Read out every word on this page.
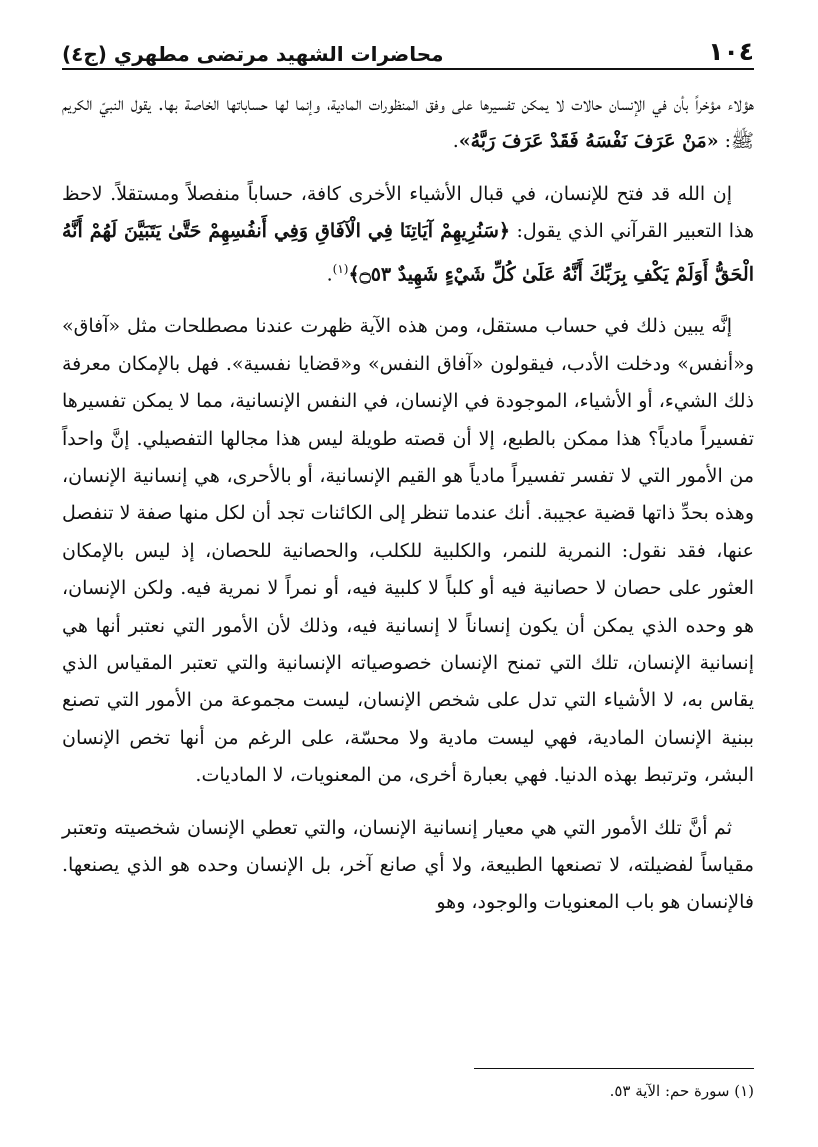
١٠٤
محاضرات الشهيد مرتضى مطهري (ج٤)

هؤلاء مؤخراً بأن في الإنسان حالات لا يمكن تفسيرها على وفق المنظورات المادية، وإنما لها حساباتها الخاصة بها. يقول النبيّ الكريم ﷺ: «مَنْ عَرَفَ نَفْسَهُ فَقَدْ عَرَفَ رَبَّهُ».

إن الله قد فتح للإنسان، في قبال الأشياء الأخرى كافة، حساباً منفصلاً ومستقلاً. لاحظ هذا التعبير القرآني الذي يقول: ﴿سَنُرِيهِمْ آيَاتِنَا فِي الْآفَاقِ وَفِي أَنفُسِهِمْ حَتَّىٰ يَتَبَيَّنَ لَهُمْ أَنَّهُ الْحَقُّ أَوَلَمْ يَكْفِ بِرَبِّكَ أَنَّهُ عَلَىٰ كُلِّ شَيْءٍ شَهِيدٌ ۝٥٣﴾$^{(١)}$.

إنَّه يبين ذلك في حساب مستقل، ومن هذه الآية ظهرت عندنا مصطلحات مثل «آفاق» و«أنفس» ودخلت الأدب، فيقولون «آفاق النفس» و«قضايا نفسية». فهل بالإمكان معرفة ذلك الشيء، أو الأشياء، الموجودة في الإنسان، في النفس الإنسانية، مما لا يمكن تفسيرها تفسيراً مادياً؟ هذا ممكن بالطبع، إلا أن قصته طويلة ليس هذا مجالها التفصيلي. إنَّ واحداً من الأمور التي لا تفسر تفسيراً مادياً هو القيم الإنسانية، أو بالأحرى، هي إنسانية الإنسان، وهذه بحدِّ ذاتها قضية عجيبة. أنك عندما تنظر إلى الكائنات تجد أن لكل منها صفة لا تنفصل عنها، فقد نقول: النمرية للنمر، والكلبية للكلب، والحصانية للحصان، إذ ليس بالإمكان العثور على حصان لا حصانية فيه أو كلباً لا كلبية فيه، أو نمراً لا نمرية فيه. ولكن الإنسان، هو وحده الذي يمكن أن يكون إنساناً لا إنسانية فيه، وذلك لأن الأمور التي نعتبر أنها هي إنسانية الإنسان، تلك التي تمنح الإنسان خصوصياته الإنسانية والتي تعتبر المقياس الذي يقاس به، لا الأشياء التي تدل على شخص الإنسان، ليست مجموعة من الأمور التي تصنع ببنية الإنسان المادية، فهي ليست مادية ولا محسّة، على الرغم من أنها تخص الإنسان البشر، وترتبط بهذه الدنيا. فهي بعبارة أخرى، من المعنويات، لا الماديات.

ثم أنَّ تلك الأمور التي هي معيار إنسانية الإنسان، والتي تعطي الإنسان شخصيته وتعتبر مقياساً لفضيلته، لا تصنعها الطبيعة، ولا أي صانع آخر، بل الإنسان وحده هو الذي يصنعها. فالإنسان هو باب المعنويات والوجود، وهو

(١) سورة حم: الآية ٥٣.
